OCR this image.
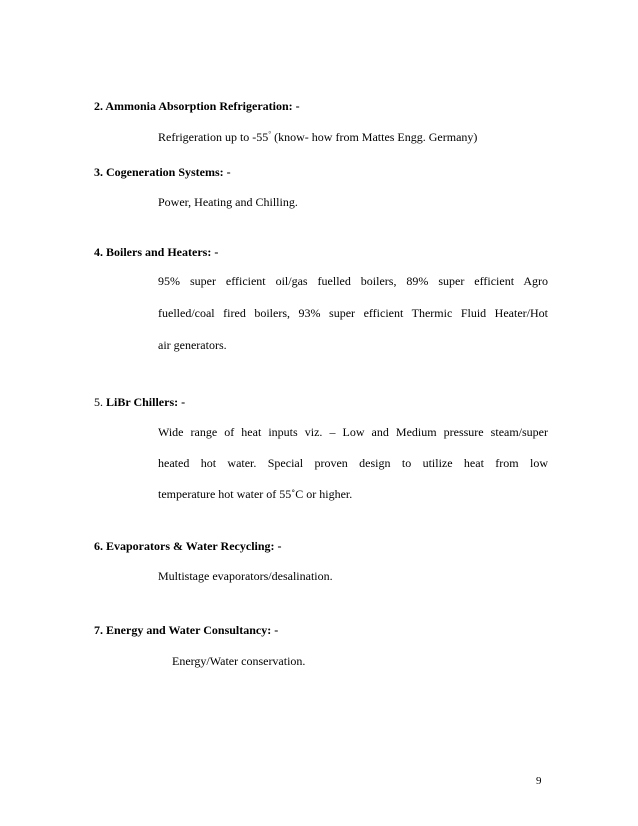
2. Ammonia Absorption Refrigeration: -
Refrigeration up to -55° (know- how from Mattes Engg. Germany)
3. Cogeneration Systems: -
Power, Heating and Chilling.
4. Boilers and Heaters: -
95% super efficient oil/gas fuelled boilers, 89% super efficient Agro
fuelled/coal fired boilers, 93% super efficient Thermic Fluid Heater/Hot
air generators.
5. LiBr Chillers: -
Wide range of heat inputs viz. – Low and Medium pressure steam/super
heated hot water. Special proven design to utilize heat from low
temperature hot water of 55˚C or higher.
6. Evaporators & Water Recycling: -
Multistage evaporators/desalination.
7. Energy and Water Consultancy: -
Energy/Water conservation.
9
